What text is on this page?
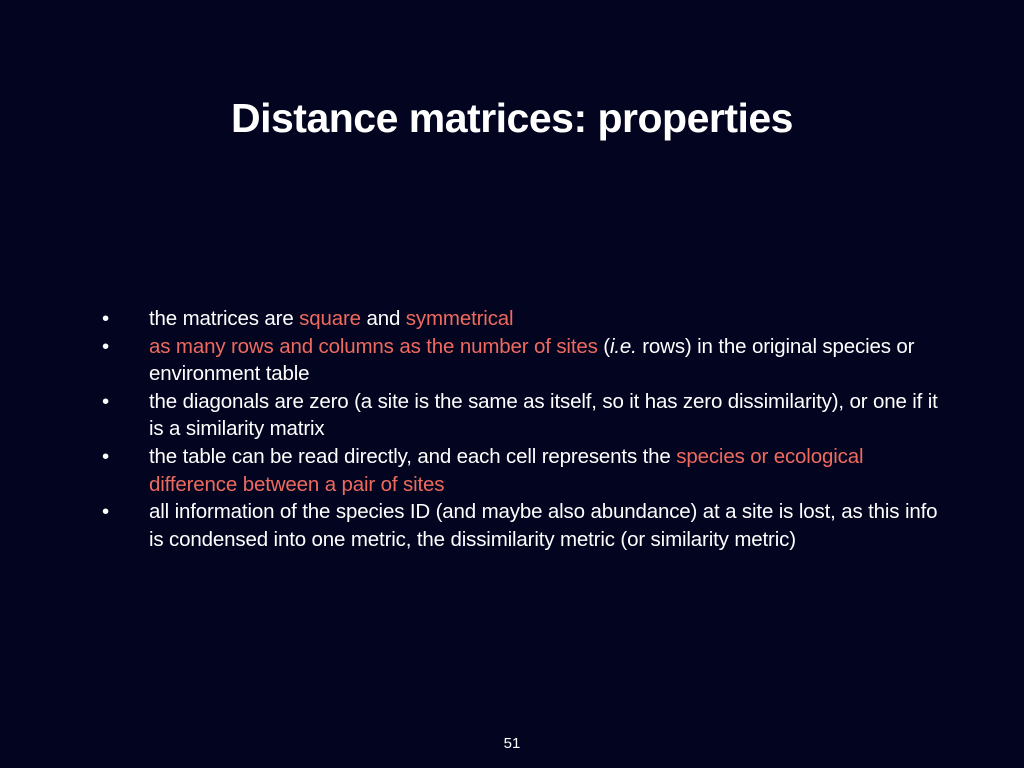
Distance matrices: properties
• the matrices are square and symmetrical
• as many rows and columns as the number of sites (i.e. rows) in the original species or environment table
• the diagonals are zero (a site is the same as itself, so it has zero dissimilarity), or one if it is a similarity matrix
• the table can be read directly, and each cell represents the species or ecological difference between a pair of sites
• all information of the species ID (and maybe also abundance) at a site is lost, as this info is condensed into one metric, the dissimilarity metric (or similarity metric)
51
